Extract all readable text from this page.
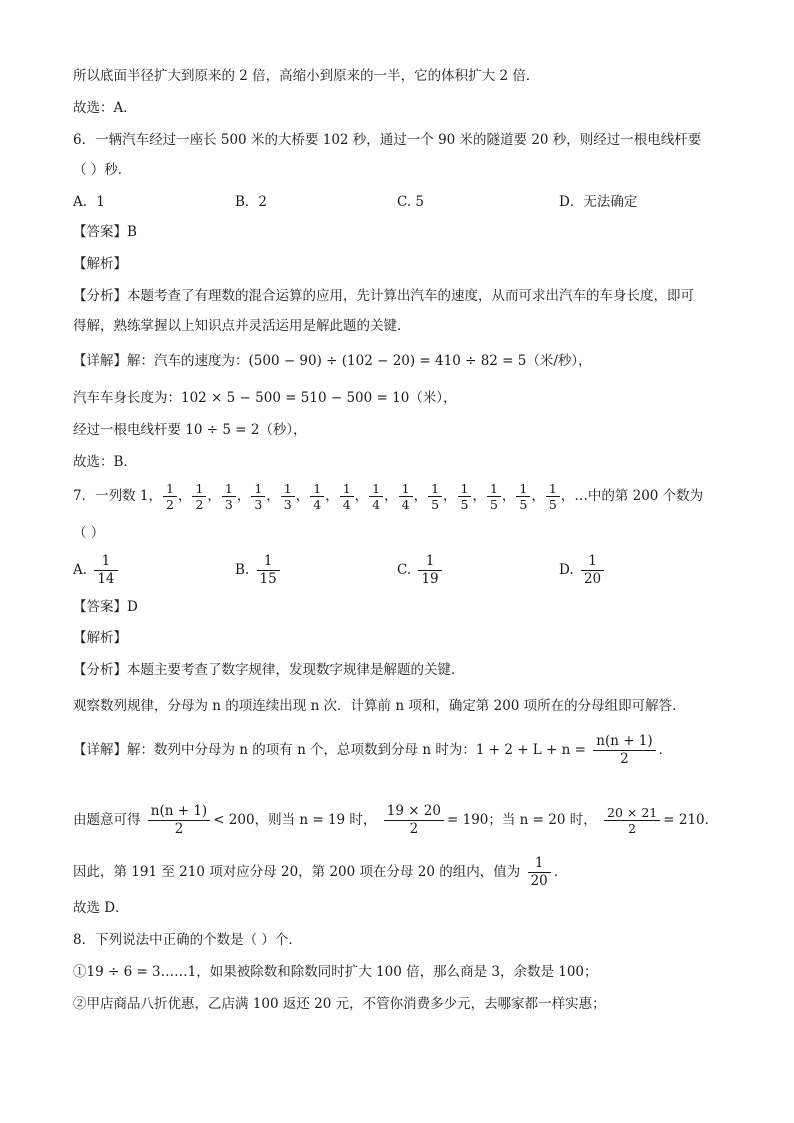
所以底面半径扩大到原来的 2 倍，高缩小到原来的一半，它的体积扩大 2 倍．
故选：A．
6．一辆汽车经过一座长 500 米的大桥要 102 秒，通过一个 90 米的隧道要 20 秒，则经过一根电线杆要
（ ）秒．
A．1	B．2	C. 5	D．无法确定
【答案】B
【解析】
【分析】本题考查了有理数的混合运算的应用，先计算出汽车的速度，从而可求出汽车的车身长度，即可
得解，熟练掌握以上知识点并灵活运用是解此题的关键．
【详解】解：汽车的速度为：(500 − 90) ÷ (102 − 20) = 410 ÷ 82 = 5（米/秒），
汽车车身长度为：102 × 5 − 500 = 510 − 500 = 10（米），
经过一根电线杆要 10 ÷ 5 = 2（秒），
故选：B．
7．一列数 1， $\frac{1}{2}$ ， $\frac{1}{2}$ ， $\frac{1}{3}$ ， $\frac{1}{3}$ ， $\frac{1}{3}$ ， $\frac{1}{4}$ ， $\frac{1}{4}$ ， $\frac{1}{4}$ ， $\frac{1}{4}$ ， $\frac{1}{5}$ ， $\frac{1}{5}$ ， $\frac{1}{5}$ ， $\frac{1}{5}$ ， $\frac{1}{5}$ ，…中的第 200 个数为
（ ）
A. $\frac{1}{14}$	B. $\frac{1}{15}$	C. $\frac{1}{19}$	D. $\frac{1}{20}$
【答案】D
【解析】
【分析】本题主要考查了数字规律，发现数字规律是解题的关键．
观察数列规律，分母为 n 的项连续出现 n 次．计算前 n 项和，确定第 200 项所在的分母组即可解答．
【详解】解：数列中分母为 n 的项有 n 个，总项数到分母 n 时为：$1 + 2 + L + n = \frac{n(n + 1)}{2}$ ．
由题意可得 $\frac{n(n + 1)}{2} < 200$，则当 n = 19 时， $\frac{19 \times 20}{2} = 190$；当 n = 20 时， $\frac{20 \times 21}{2} = 210$．
因此，第 191 至 210 项对应分母 20，第 200 项在分母 20 的组内，值为 $\frac{1}{20}$ ．
故选 D．
8．下列说法中正确的个数是（ ）个．
①19 ÷ 6 = 3……1，如果被除数和除数同时扩大 100 倍，那么商是 3，余数是 100；
②甲店商品八折优惠，乙店满 100 返还 20 元，不管你消费多少元，去哪家都一样实惠；
